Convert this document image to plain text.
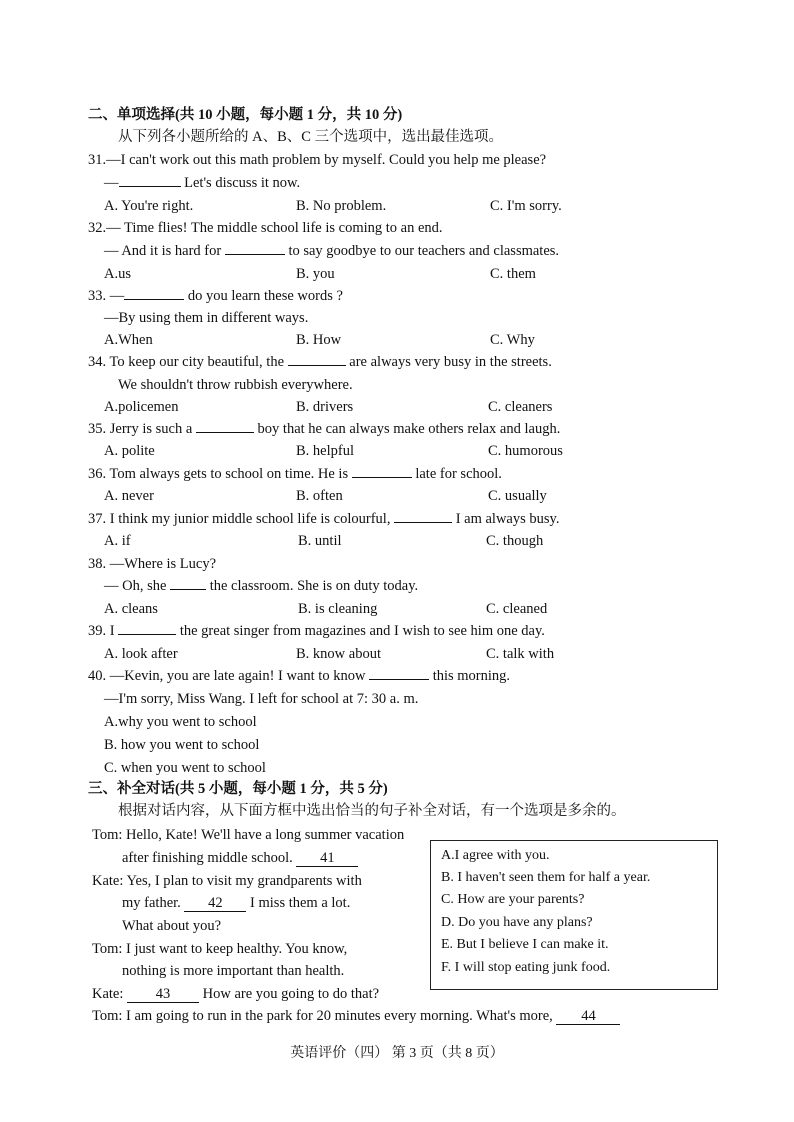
二、单项选择(共 10 小题，每小题 1 分，共 10 分)
从下列各小题所给的 A、B、C 三个选项中，选出最佳选项。
31.—I can't work out this math problem by myself. Could you help me please?
—	Let's discuss it now.
A. You're right.	B. No problem.	C. I'm sorry.
32.— Time flies! The middle school life is coming to an end.
— And it is hard for	to say goodbye to our teachers and classmates.
A.us	B. you	C. them
33. —	do you learn these words ?
—By using them in different ways.
A.When	B. How	C. Why
34. To keep our city beautiful, the	are always very busy in the streets.
We shouldn't throw rubbish everywhere.
A.policemen	B. drivers	C. cleaners
35. Jerry is such a	boy that he can always make others relax and laugh.
A. polite	B. helpful	C. humorous
36. Tom always gets to school on time. He is	late for school.
A. never	B. often	C. usually
37. I think my junior middle school life is colourful,	I am always busy.
A. if	B. until	C. though
38. —Where is Lucy?
— Oh, she	the classroom. She is on duty today.
A. cleans	B. is cleaning	C. cleaned
39. I	the great singer from magazines and I wish to see him one day.
A. look after	B. know about	C. talk with
40. —Kevin, you are late again! I want to know	this morning.
—I'm sorry, Miss Wang. I left for school at 7: 30 a. m.
A.why you went to school
B. how you went to school
C. when you went to school
三、补全对话(共 5 小题，每小题 1 分，共 5 分)
根据对话内容，从下面方框中选出恰当的句子补全对话，有一个选项是多余的。
Tom: Hello, Kate! We'll have a long summer vacation
after finishing middle school. 41
Kate: Yes, I plan to visit my grandparents with
my father. 42 I miss them a lot.
What about you?
Tom: I just want to keep healthy. You know,
nothing is more important than health.
Kate: 43 How are you going to do that?
Tom: I am going to run in the park for 20 minutes every morning. What's more, 44
A.I agree with you.
B. I haven't seen them for half a year.
C. How are your parents?
D. Do you have any plans?
E. But I believe I can make it.
F. I will stop eating junk food.
英语评价（四） 第 3 页（共 8 页）
